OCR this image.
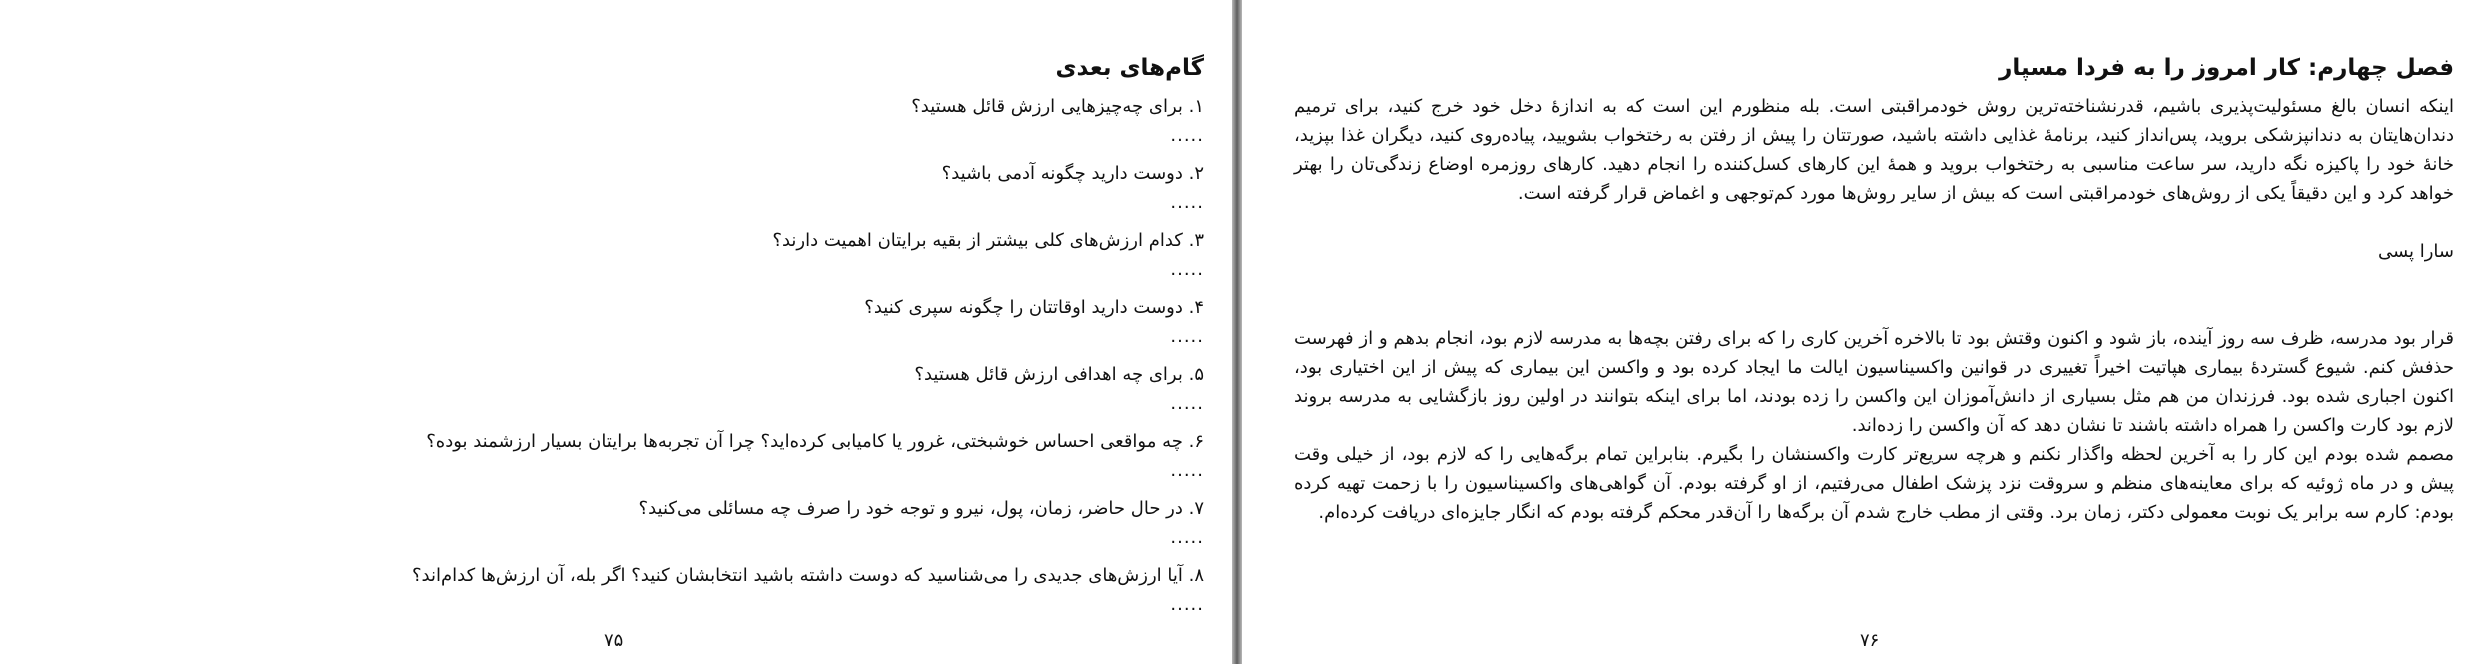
گام‌های بعدی
۱. برای چه‌چیزهایی ارزش قائل هستید؟
.....
۲. دوست دارید چگونه آدمی باشید؟
.....
۳. کدام ارزش‌های کلی بیشتر از بقیه برایتان اهمیت دارند؟
.....
۴. دوست دارید اوقاتتان را چگونه سپری کنید؟
.....
۵. برای چه اهدافی ارزش قائل هستید؟
.....
۶. چه مواقعی احساس خوشبختی، غرور یا کامیابی کرده‌اید؟ چرا آن تجربه‌ها برایتان بسیار ارزشمند بوده؟
.....
۷. در حال حاضر، زمان، پول، نیرو و توجه خود را صرف چه مسائلی می‌کنید؟
.....
۸. آیا ارزش‌های جدیدی را می‌شناسید که دوست داشته باشید انتخابشان کنید؟ اگر بله، آن ارزش‌ها کدام‌اند؟
.....
۷۵
فصل چهارم: کار امروز را به فردا مسپار

اینکه انسان بالغ مسئولیت‌پذیری باشیم، قدرنشناخته‌ترین روش خودمراقبتی است. بله منظورم این است که به اندازهٔ دخل خود خرج کنید، برای ترمیم دندان‌هایتان به دندانپزشکی بروید، پس‌انداز کنید، برنامهٔ غذایی داشته باشید، صورتتان را پیش از رفتن به رختخواب بشویید، پیاده‌روی کنید، دیگران غذا بپزید، خانهٔ خود را پاکیزه نگه دارید، سر ساعت مناسبی به رختخواب بروید و همهٔ این کارهای کسل‌کننده را انجام دهید. کارهای روزمره اوضاع زندگی‌تان را بهتر خواهد کرد و این دقیقاً یکی از روش‌های خودمراقبتی است که بیش از سایر روش‌ها مورد کم‌توجهی و اغماض قرار گرفته است.

سارا پسی

قرار بود مدرسه، ظرف سه روز آینده، باز شود و اکنون وقتش بود تا بالاخره آخرین کاری را که برای رفتن بچه‌ها به مدرسه لازم بود، انجام بدهم و از فهرست حذفش کنم. شیوع گستردهٔ بیماری هپاتیت اخیراً تغییری در قوانین واکسیناسیون ایالت ما ایجاد کرده بود و واکسن این بیماری که پیش از این اختیاری بود، اکنون اجباری شده بود. فرزندان من هم مثل بسیاری از دانش‌آموزان این واکسن را زده بودند، اما برای اینکه بتوانند در اولین روز بازگشایی به مدرسه بروند لازم بود کارت واکسن را همراه داشته باشند تا نشان دهد که آن واکسن را زده‌اند.

مصمم شده بودم این کار را به آخرین لحظه واگذار نکنم و هرچه سریع‌تر کارت واکسنشان را بگیرم. بنابراین تمام برگه‌هایی را که لازم بود، از خیلی وقت پیش و در ماه ژوئیه که برای معاینه‌های منظم و سروقت نزد پزشک اطفال می‌رفتیم، از او گرفته بودم. آن گواهی‌های واکسیناسیون را با زحمت تهیه کرده بودم: کارم سه برابر یک نوبت معمولی دکتر، زمان برد. وقتی از مطب خارج شدم آن برگه‌ها را آن‌قدر محکم گرفته بودم که انگار جایزه‌ای دریافت کرده‌ام.

۷۶
